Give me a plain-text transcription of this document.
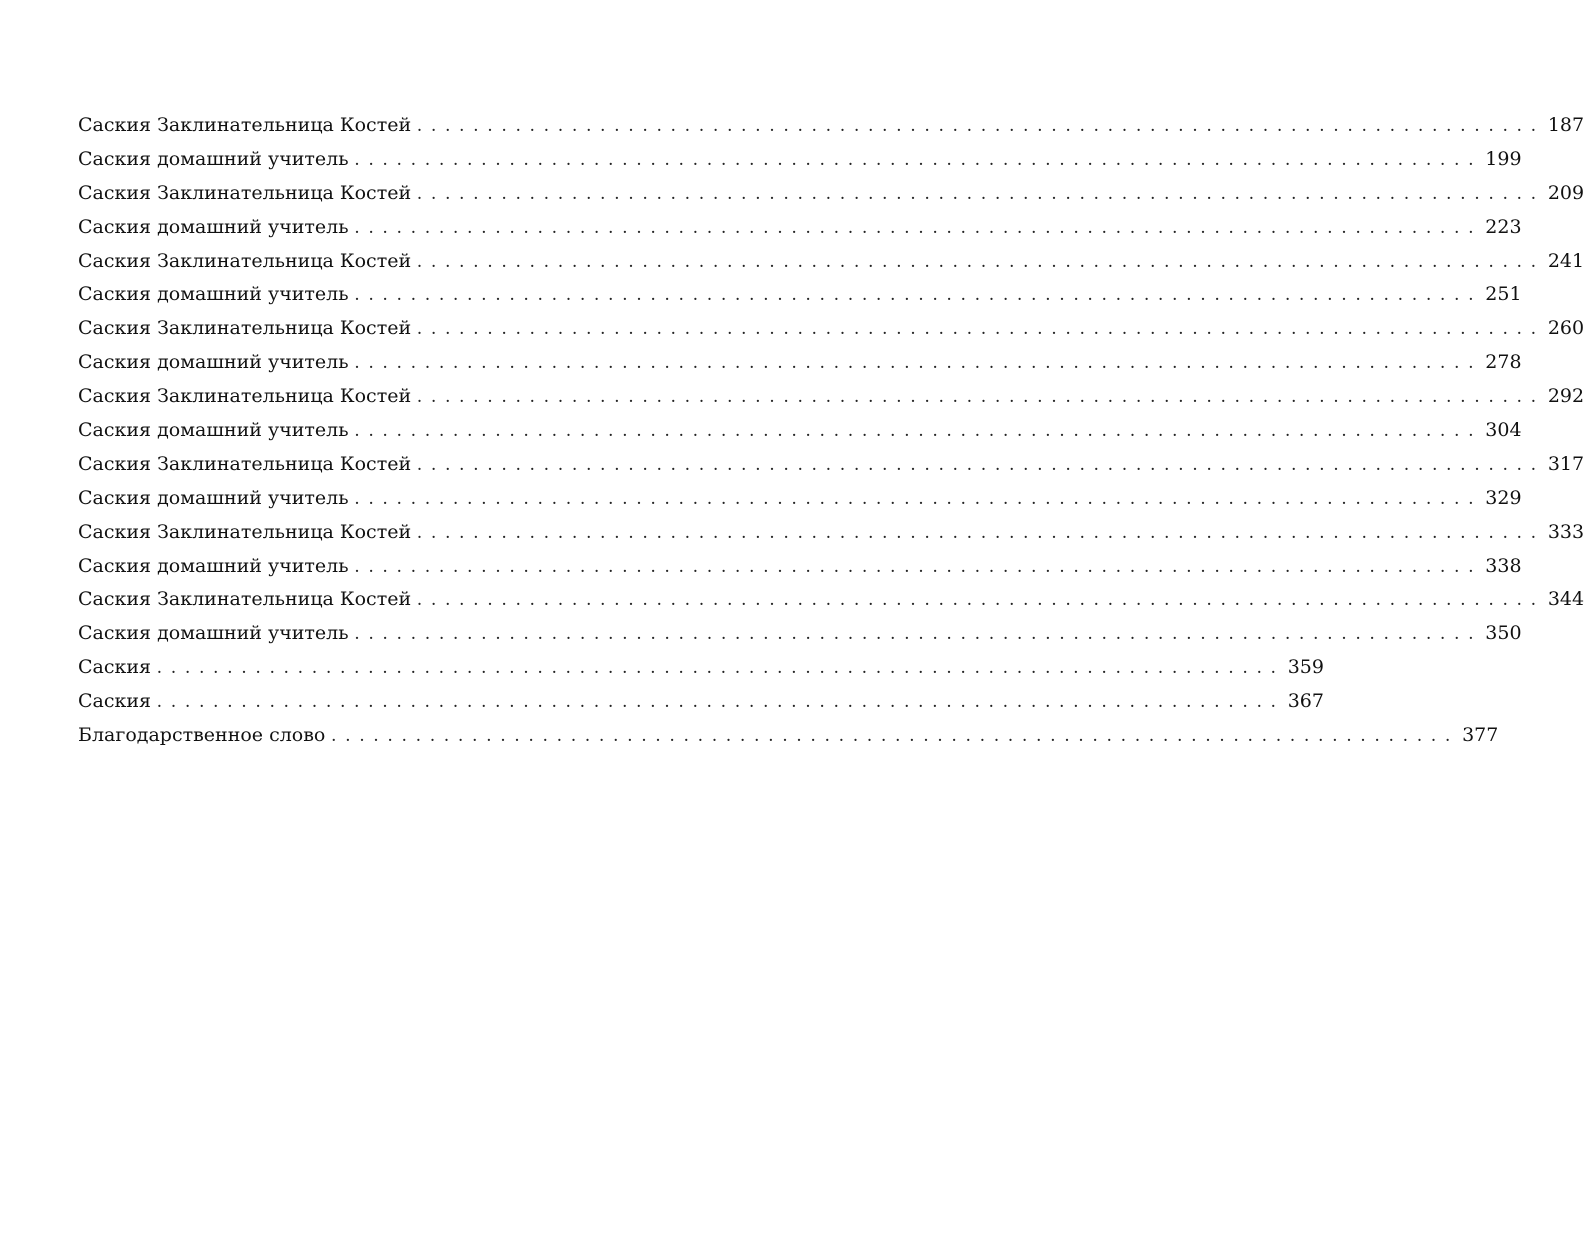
Саския Заклинательница Костей . . . . . . . . . . . . . . . . . . . . . . . . . . . . . . . . . . . . . . . . . . . . . . . . . . . . . . . . . . . . . . . . . . . . . . . . . . . . . . . . 187
Саския домашний учитель . . . . . . . . . . . . . . . . . . . . . . . . . . . . . . . . . . . . . . . . . . . . . . . . . . . . . . . . . . . . . . . . . . . . . . . . . . . . . . . . 199
Саския Заклинательница Костей . . . . . . . . . . . . . . . . . . . . . . . . . . . . . . . . . . . . . . . . . . . . . . . . . . . . . . . . . . . . . . . . . . . . . . . . . . . . . . . . 209
Саския домашний учитель . . . . . . . . . . . . . . . . . . . . . . . . . . . . . . . . . . . . . . . . . . . . . . . . . . . . . . . . . . . . . . . . . . . . . . . . . . . . . . . . 223
Саския Заклинательница Костей . . . . . . . . . . . . . . . . . . . . . . . . . . . . . . . . . . . . . . . . . . . . . . . . . . . . . . . . . . . . . . . . . . . . . . . . . . . . . . . . 241
Саския домашний учитель . . . . . . . . . . . . . . . . . . . . . . . . . . . . . . . . . . . . . . . . . . . . . . . . . . . . . . . . . . . . . . . . . . . . . . . . . . . . . . . . 251
Саския Заклинательница Костей . . . . . . . . . . . . . . . . . . . . . . . . . . . . . . . . . . . . . . . . . . . . . . . . . . . . . . . . . . . . . . . . . . . . . . . . . . . . . . . . 260
Саския домашний учитель . . . . . . . . . . . . . . . . . . . . . . . . . . . . . . . . . . . . . . . . . . . . . . . . . . . . . . . . . . . . . . . . . . . . . . . . . . . . . . . . 278
Саския Заклинательница Костей . . . . . . . . . . . . . . . . . . . . . . . . . . . . . . . . . . . . . . . . . . . . . . . . . . . . . . . . . . . . . . . . . . . . . . . . . . . . . . . . 292
Саския домашний учитель . . . . . . . . . . . . . . . . . . . . . . . . . . . . . . . . . . . . . . . . . . . . . . . . . . . . . . . . . . . . . . . . . . . . . . . . . . . . . . . . 304
Саския Заклинательница Костей . . . . . . . . . . . . . . . . . . . . . . . . . . . . . . . . . . . . . . . . . . . . . . . . . . . . . . . . . . . . . . . . . . . . . . . . . . . . . . . . 317
Саския домашний учитель . . . . . . . . . . . . . . . . . . . . . . . . . . . . . . . . . . . . . . . . . . . . . . . . . . . . . . . . . . . . . . . . . . . . . . . . . . . . . . . . 329
Саския Заклинательница Костей . . . . . . . . . . . . . . . . . . . . . . . . . . . . . . . . . . . . . . . . . . . . . . . . . . . . . . . . . . . . . . . . . . . . . . . . . . . . . . . . 333
Саския домашний учитель . . . . . . . . . . . . . . . . . . . . . . . . . . . . . . . . . . . . . . . . . . . . . . . . . . . . . . . . . . . . . . . . . . . . . . . . . . . . . . . . 338
Саския Заклинательница Костей . . . . . . . . . . . . . . . . . . . . . . . . . . . . . . . . . . . . . . . . . . . . . . . . . . . . . . . . . . . . . . . . . . . . . . . . . . . . . . . . 344
Саския домашний учитель . . . . . . . . . . . . . . . . . . . . . . . . . . . . . . . . . . . . . . . . . . . . . . . . . . . . . . . . . . . . . . . . . . . . . . . . . . . . . . . . 350
Саския . . . . . . . . . . . . . . . . . . . . . . . . . . . . . . . . . . . . . . . . . . . . . . . . . . . . . . . . . . . . . . . . . . . . . . . . . . . . . . . . 359
Саския . . . . . . . . . . . . . . . . . . . . . . . . . . . . . . . . . . . . . . . . . . . . . . . . . . . . . . . . . . . . . . . . . . . . . . . . . . . . . . . . 367
Благодарственное слово . . . . . . . . . . . . . . . . . . . . . . . . . . . . . . . . . . . . . . . . . . . . . . . . . . . . . . . . . . . . . . . . . . . . . . . . . . . . . . . . 377
